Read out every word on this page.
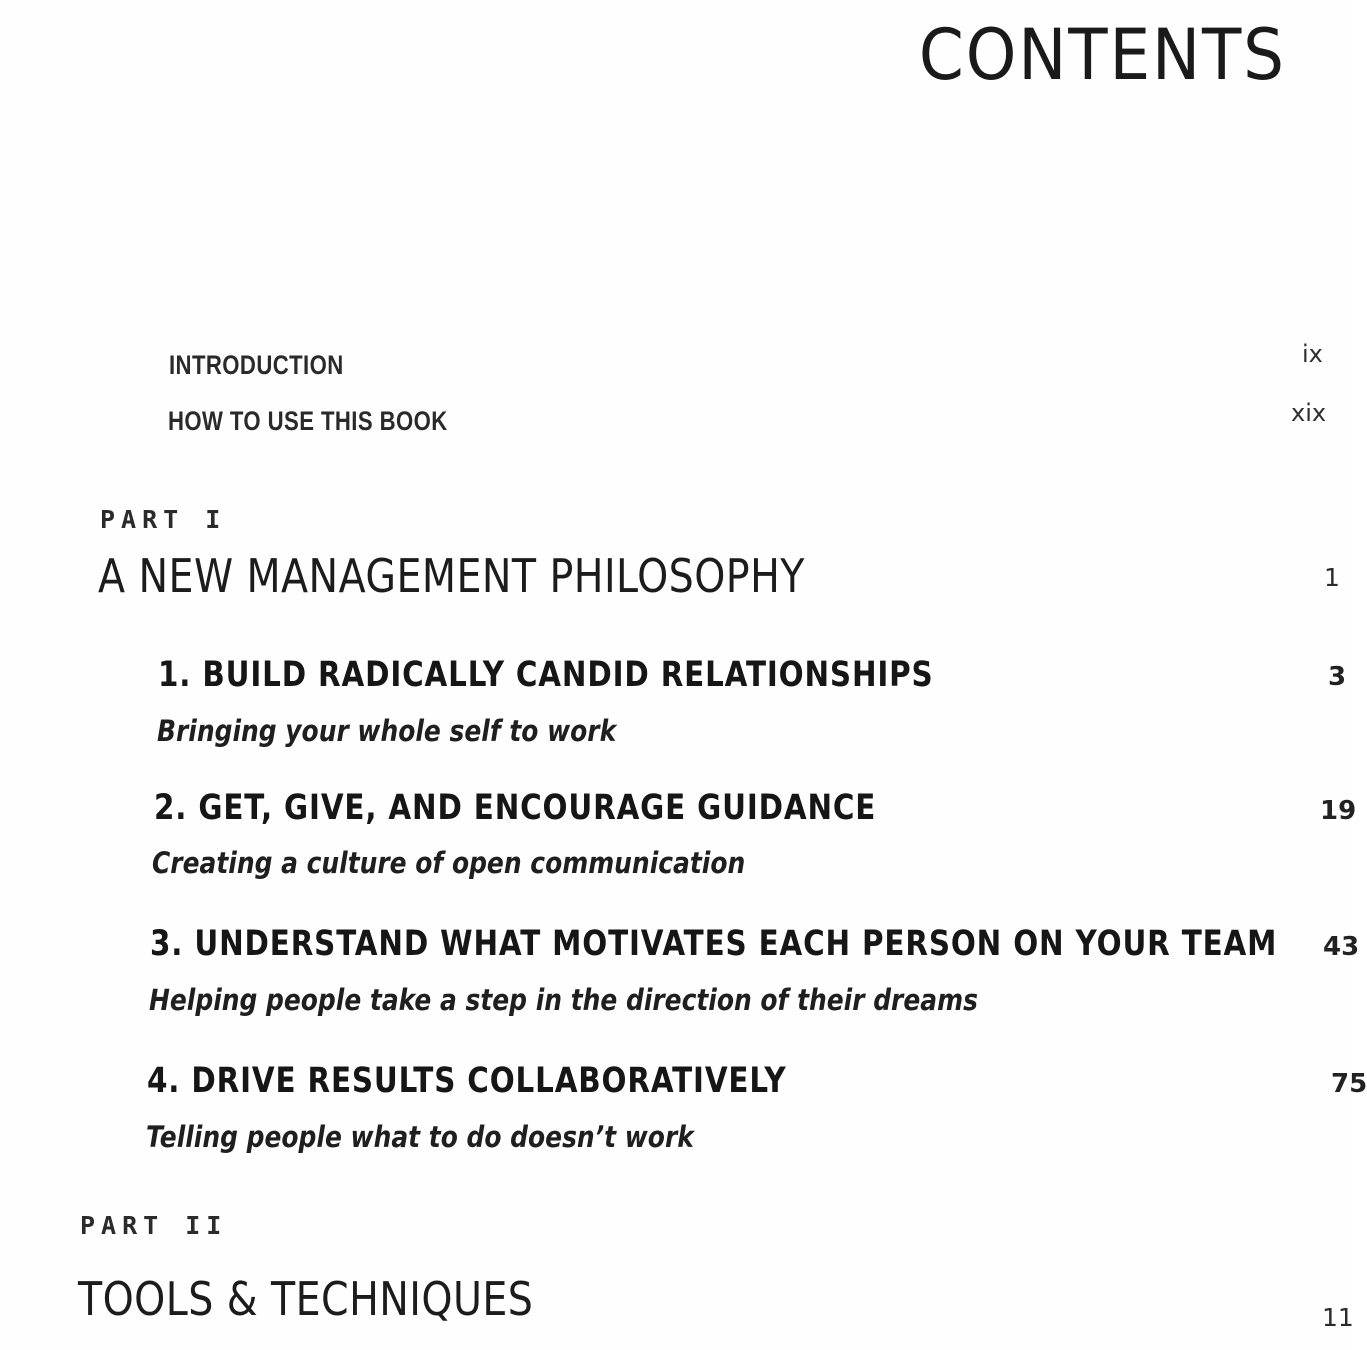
CONTENTS
INTRODUCTION	ix
HOW TO USE THIS BOOK	xix
PART I
A NEW MANAGEMENT PHILOSOPHY	1
1. BUILD RADICALLY CANDID RELATIONSHIPS	3
Bringing your whole self to work
2. GET, GIVE, AND ENCOURAGE GUIDANCE	19
Creating a culture of open communication
3. UNDERSTAND WHAT MOTIVATES EACH PERSON ON YOUR TEAM 43
Helping people take a step in the direction of their dreams
4. DRIVE RESULTS COLLABORATIVELY	75
Telling people what to do doesn’t work
PART II
TOOLS & TECHNIQUES	11
